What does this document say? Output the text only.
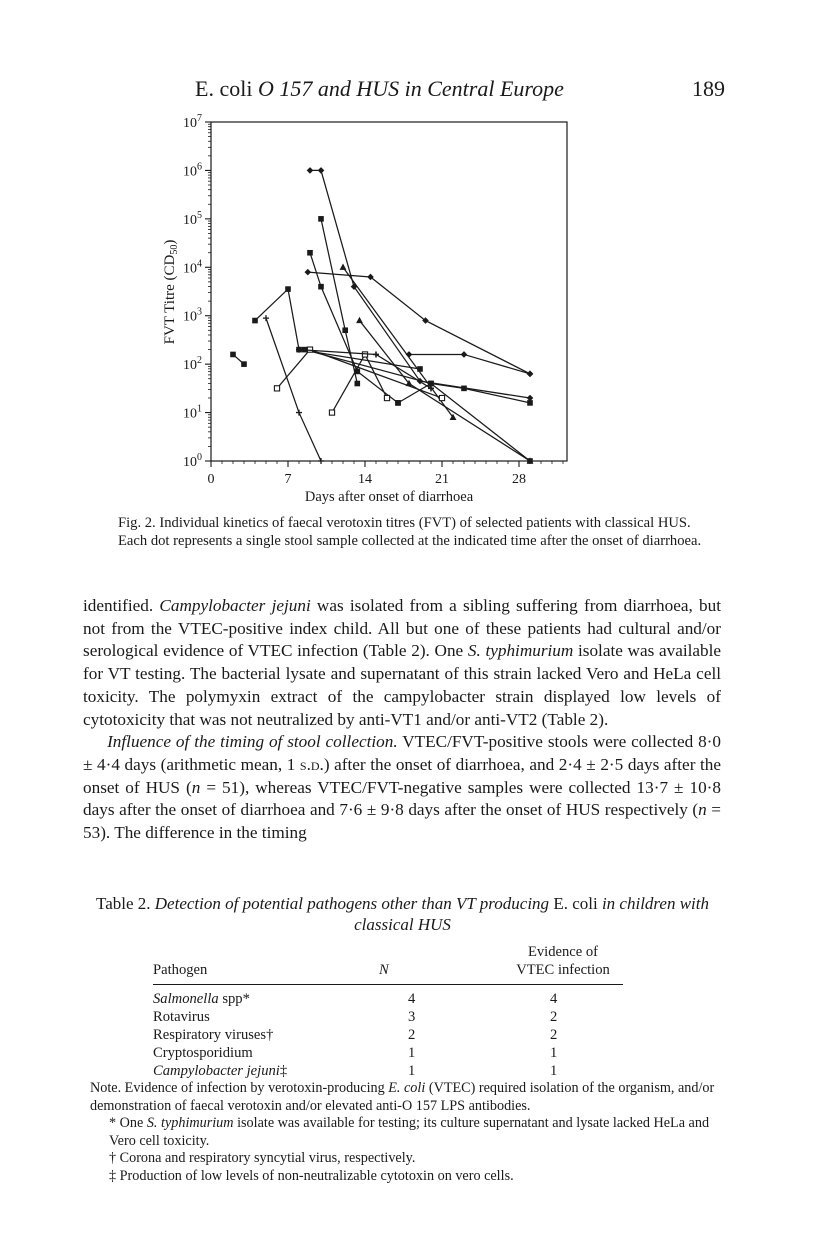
E. coli O 157 and HUS in Central Europe	189
$10^0$
$10^1$
$10^2$
$10^3$
$10^4$
$10^5$
$10^6$
$10^7$
0	7	14	21	28
Days after onset of diarrhoea
FVT Titre $(CD_{50})$
Fig. 2. Individual kinetics of faecal verotoxin titres (FVT) of selected patients with classical HUS. Each dot represents a single stool sample collected at the indicated time after the onset of diarrhoea.

identified. Campylobacter jejuni was isolated from a sibling suffering from diarrhoea, but not from the VTEC-positive index child. All but one of these patients had cultural and/or serological evidence of VTEC infection (Table 2). One S. typhimurium isolate was available for VT testing. The bacterial lysate and supernatant of this strain lacked Vero and HeLa cell toxicity. The polymyxin extract of the campylobacter strain displayed low levels of cytotoxicity that was not neutralized by anti-VT1 and/or anti-VT2 (Table 2).

Influence of the timing of stool collection. VTEC/FVT-positive stools were collected 8·0 ± 4·4 days (arithmetic mean, 1 s.d.) after the onset of diarrhoea, and 2·4 ± 2·5 days after the onset of HUS (n = 51), whereas VTEC/FVT-negative samples were collected 13·7 ± 10·8 days after the onset of diarrhoea and 7·6 ± 9·8 days after the onset of HUS respectively (n = 53). The difference in the timing

Table 2. Detection of potential pathogens other than VT producing E. coli in children with classical HUS
Evidence of
Pathogen	N	VTEC infection
Salmonella spp*	4	4
Rotavirus	3	2
Respiratory viruses†	2	2
Cryptosporidium	1	1
Campylobacter jejuni‡	1	1

Note. Evidence of infection by verotoxin-producing E. coli (VTEC) required isolation of the organism, and/or demonstration of faecal verotoxin and/or elevated anti-O 157 LPS antibodies.

* One S. typhimurium isolate was available for testing; its culture supernatant and lysate lacked HeLa and Vero cell toxicity.

† Corona and respiratory syncytial virus, respectively.

‡ Production of low levels of non-neutralizable cytotoxin on vero cells.
